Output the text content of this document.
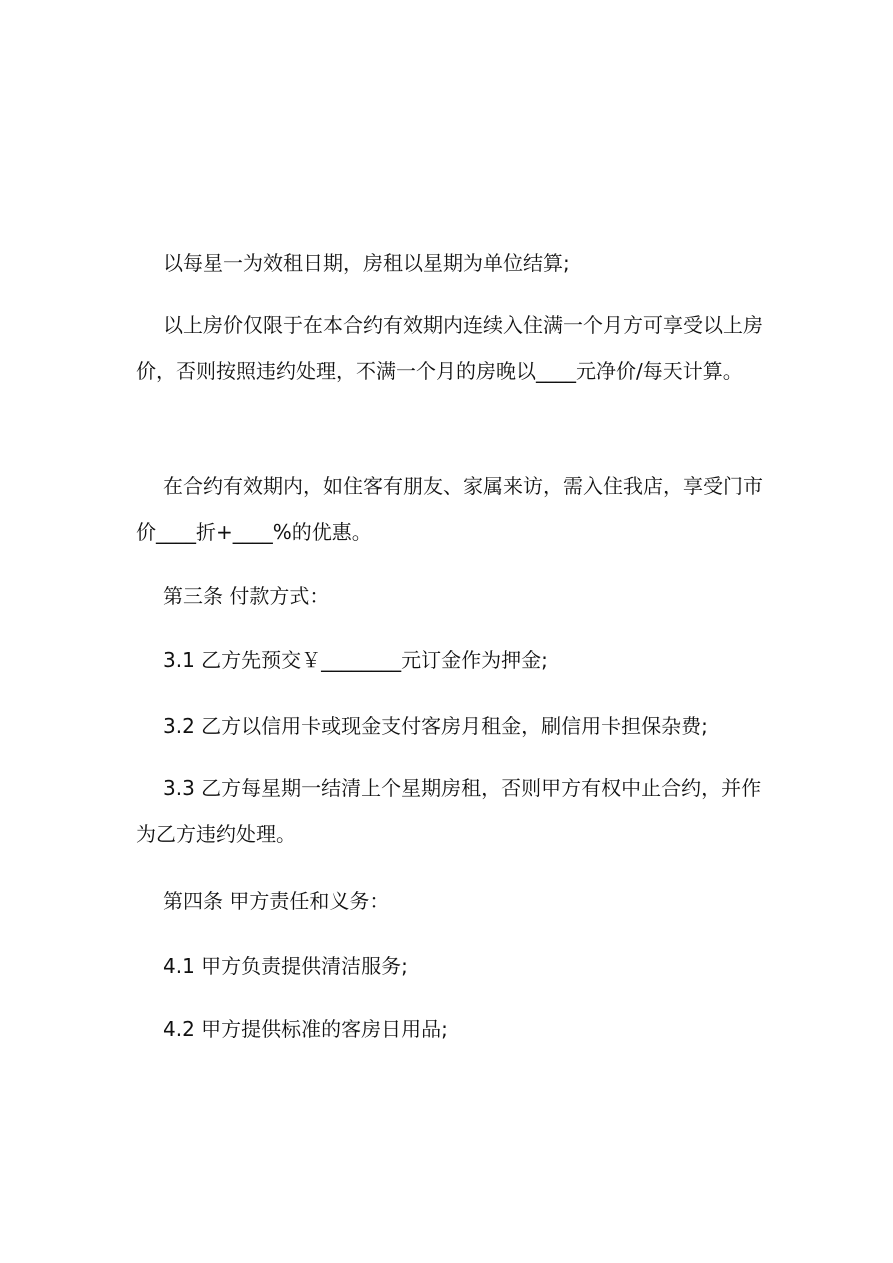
以每星一为效租日期，房租以星期为单位结算;

以上房价仅限于在本合约有效期内连续入住满一个月方可享受以上房价，否则按照违约处理，不满一个月的房晚以____元净价/每天计算。

在合约有效期内，如住客有朋友、家属来访，需入住我店，享受门市价____折+____%的优惠。

第三条 付款方式：

3.1 乙方先预交￥________元订金作为押金;

3.2 乙方以信用卡或现金支付客房月租金，刷信用卡担保杂费;

3.3 乙方每星期一结清上个星期房租，否则甲方有权中止合约，并作为乙方违约处理。

第四条 甲方责任和义务：

4.1 甲方负责提供清洁服务;

4.2 甲方提供标准的客房日用品;
